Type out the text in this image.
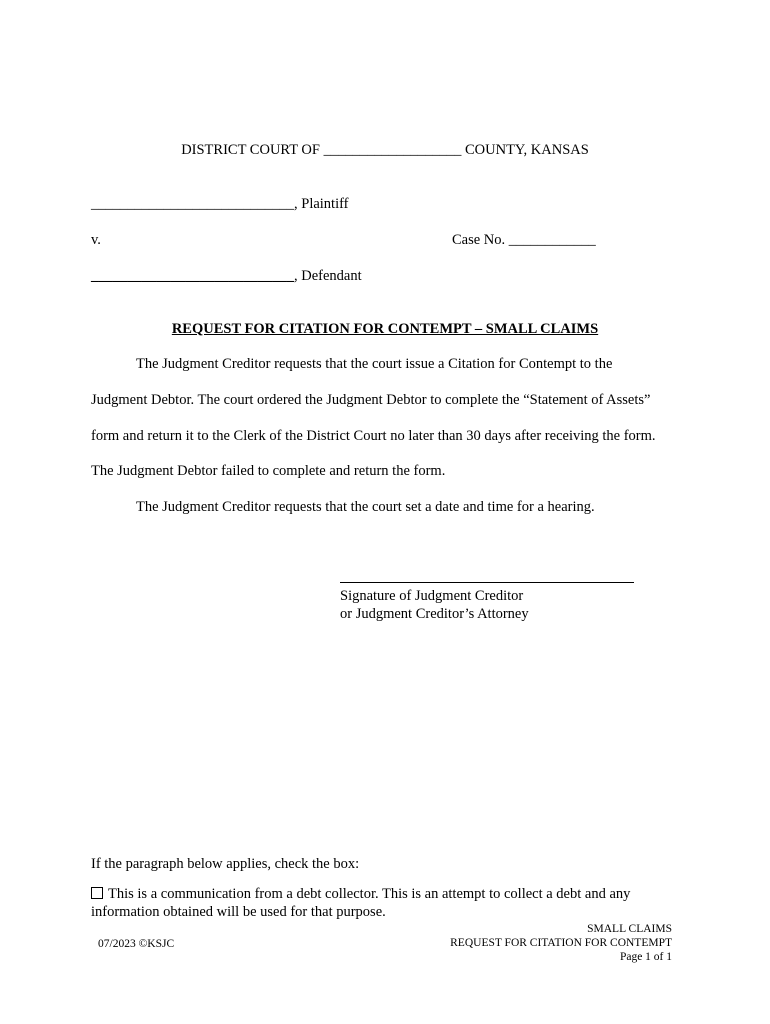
DISTRICT COURT OF ___________________ COUNTY, KANSAS
____________________________, Plaintiff
v.	Case No. ____________
____________________________, Defendant
REQUEST FOR CITATION FOR CONTEMPT – SMALL CLAIMS
The Judgment Creditor requests that the court issue a Citation for Contempt to the
Judgment Debtor. The court ordered the Judgment Debtor to complete the “Statement of Assets”
form and return it to the Clerk of the District Court no later than 30 days after receiving the form.
The Judgment Debtor failed to complete and return the form.
The Judgment Creditor requests that the court set a date and time for a hearing.
Signature of Judgment Creditor
or Judgment Creditor’s Attorney
If the paragraph below applies, check the box:
This is a communication from a debt collector. This is an attempt to collect a debt and any
information obtained will be used for that purpose.
07/2023 ©KSJC
SMALL CLAIMS
REQUEST FOR CITATION FOR CONTEMPT
Page 1 of 1
